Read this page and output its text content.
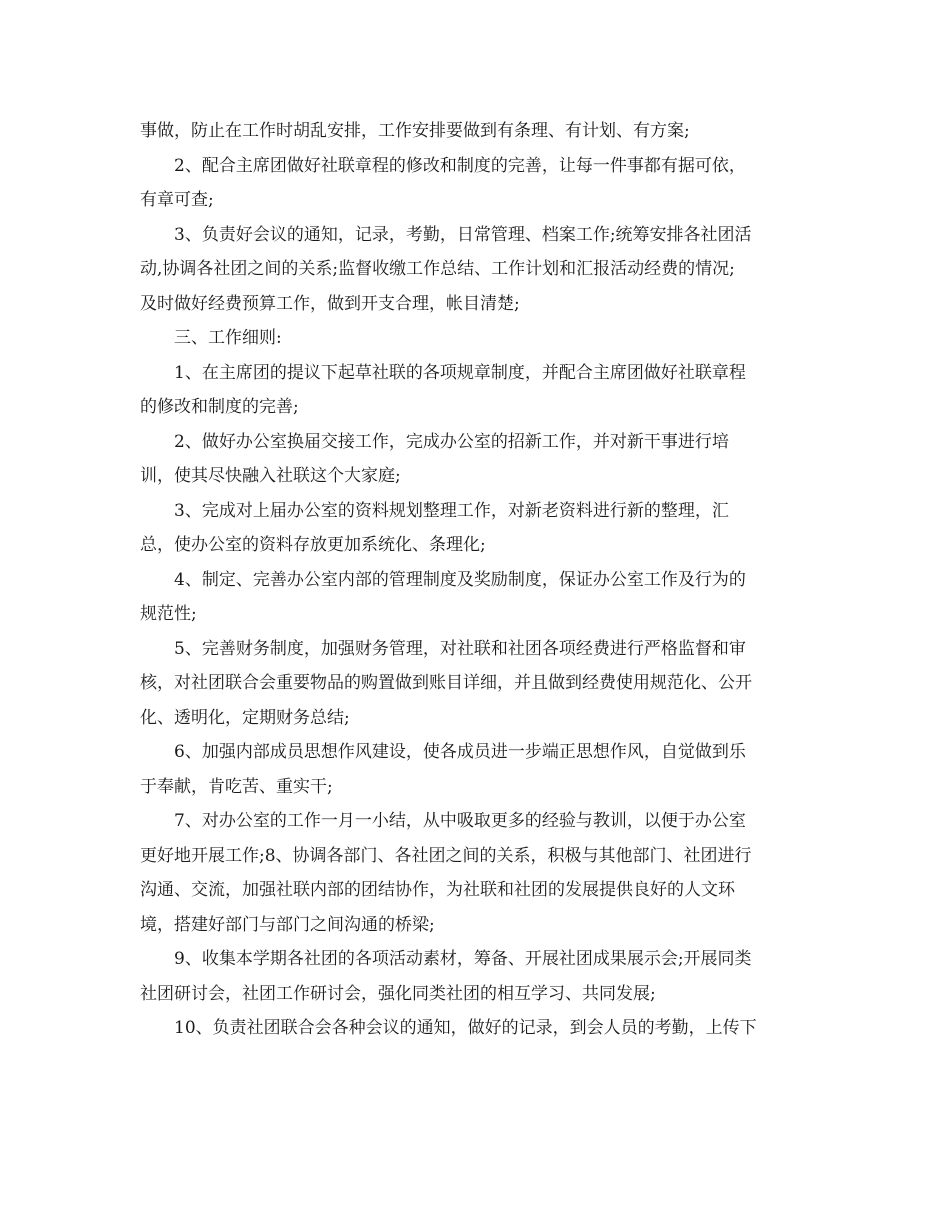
事做，防止在工作时胡乱安排，工作安排要做到有条理、有计划、有方案;
2、配合主席团做好社联章程的修改和制度的完善，让每一件事都有据可依，
有章可查;
3、负责好会议的通知，记录，考勤，日常管理、档案工作;统筹安排各社团活
动,协调各社团之间的关系;监督收缴工作总结、工作计划和汇报活动经费的情况;
及时做好经费预算工作，做到开支合理，帐目清楚;
三、工作细则:
1、在主席团的提议下起草社联的各项规章制度，并配合主席团做好社联章程
的修改和制度的完善;
2、做好办公室换届交接工作，完成办公室的招新工作，并对新干事进行培
训，使其尽快融入社联这个大家庭;
3、完成对上届办公室的资料规划整理工作，对新老资料进行新的整理，汇
总，使办公室的资料存放更加系统化、条理化;
4、制定、完善办公室内部的管理制度及奖励制度，保证办公室工作及行为的
规范性;
5、完善财务制度，加强财务管理，对社联和社团各项经费进行严格监督和审
核，对社团联合会重要物品的购置做到账目详细，并且做到经费使用规范化、公开
化、透明化，定期财务总结;
6、加强内部成员思想作风建设，使各成员进一步端正思想作风，自觉做到乐
于奉献，肯吃苦、重实干;
7、对办公室的工作一月一小结，从中吸取更多的经验与教训，以便于办公室
更好地开展工作;8、协调各部门、各社团之间的关系，积极与其他部门、社团进行
沟通、交流，加强社联内部的团结协作，为社联和社团的发展提供良好的人文环
境，搭建好部门与部门之间沟通的桥梁;
9、收集本学期各社团的各项活动素材，筹备、开展社团成果展示会;开展同类
社团研讨会，社团工作研讨会，强化同类社团的相互学习、共同发展;
10、负责社团联合会各种会议的通知，做好的记录，到会人员的考勤，上传下
